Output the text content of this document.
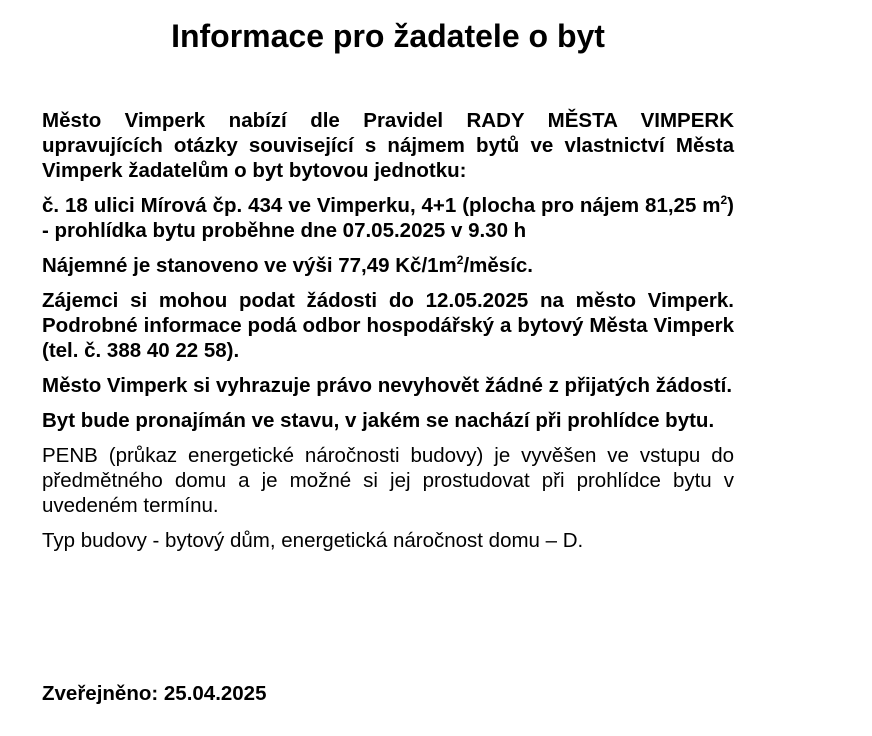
Informace pro žadatele o byt

Město Vimperk nabízí dle Pravidel RADY MĚSTA VIMPERK upravujících otázky související s nájmem bytů ve vlastnictví Města Vimperk žadatelům o byt bytovou jednotku:

č. 18 ulici Mírová čp. 434 ve Vimperku, 4+1 (plocha pro nájem 81,25 $m^2$) - prohlídka bytu proběhne dne 07.05.2025 v 9.30 h

Nájemné je stanoveno ve výši 77,49 $Kč/1m^2$/měsíc.

Zájemci si mohou podat žádosti do 12.05.2025 na město Vimperk. Podrobné informace podá odbor hospodářský a bytový Města Vimperk (tel. č. 388 40 22 58).

Město Vimperk si vyhrazuje právo nevyhovět žádné z přijatých žádostí.

Byt bude pronajímán ve stavu, v jakém se nachází při prohlídce bytu.

PENB (průkaz energetické náročnosti budovy) je vyvěšen ve vstupu do předmětného domu a je možné si jej prostudovat při prohlídce bytu v uvedeném termínu.

Typ budovy - bytový dům, energetická náročnost domu – D.

Zveřejněno: 25.04.2025
